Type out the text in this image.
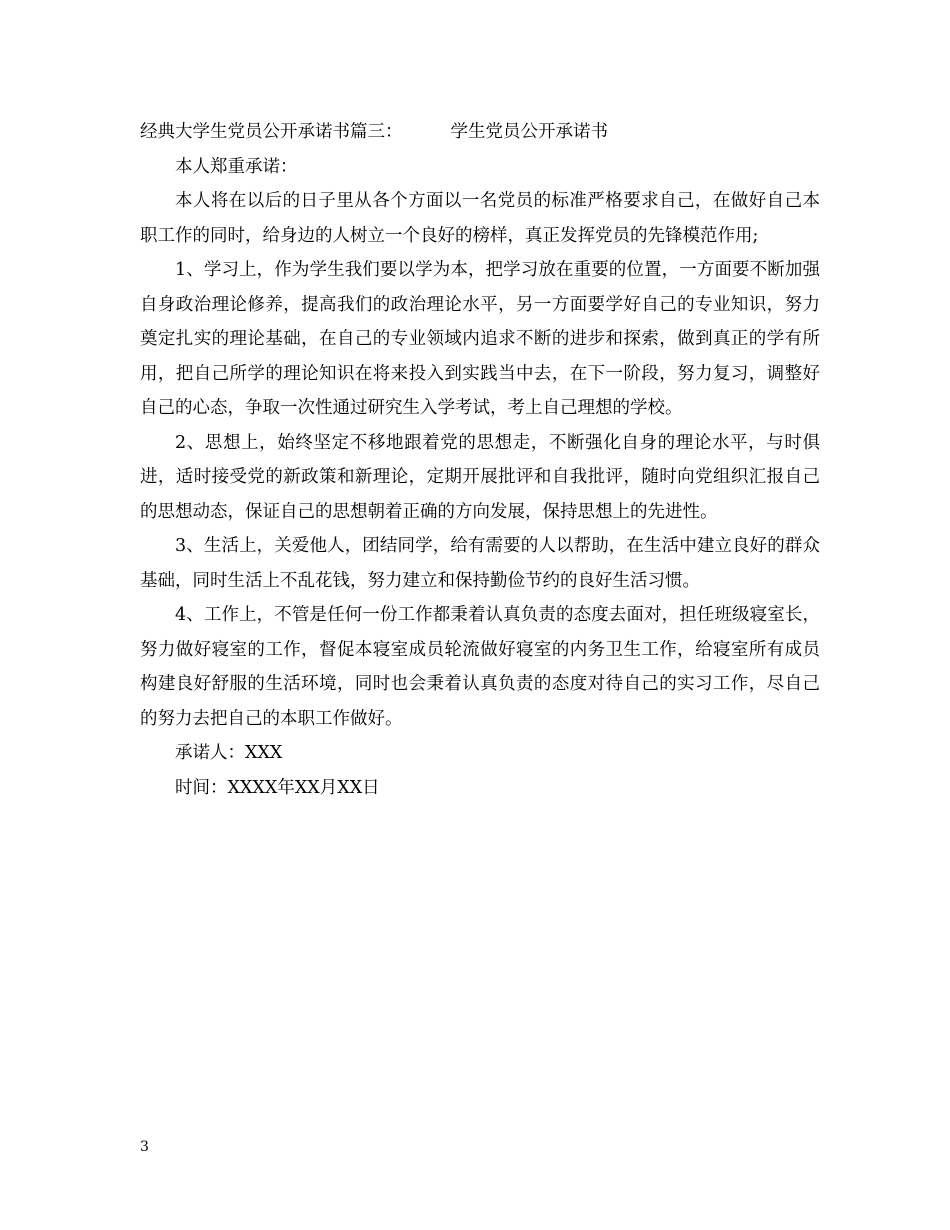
经典大学生党员公开承诺书篇三：	学生党员公开承诺书

本人郑重承诺：

本人将在以后的日子里从各个方面以一名党员的标准严格要求自己，在做好自己本职工作的同时，给身边的人树立一个良好的榜样，真正发挥党员的先锋模范作用;

1、学习上，作为学生我们要以学为本，把学习放在重要的位置，一方面要不断加强自身政治理论修养，提高我们的政治理论水平，另一方面要学好自己的专业知识，努力奠定扎实的理论基础，在自己的专业领域内追求不断的进步和探索，做到真正的学有所用，把自己所学的理论知识在将来投入到实践当中去，在下一阶段，努力复习，调整好自己的心态，争取一次性通过研究生入学考试，考上自己理想的学校。

2、思想上，始终坚定不移地跟着党的思想走，不断强化自身的理论水平，与时俱进，适时接受党的新政策和新理论，定期开展批评和自我批评，随时向党组织汇报自己的思想动态，保证自己的思想朝着正确的方向发展，保持思想上的先进性。

3、生活上，关爱他人，团结同学，给有需要的人以帮助，在生活中建立良好的群众基础，同时生活上不乱花钱，努力建立和保持勤俭节约的良好生活习惯。

4、工作上，不管是任何一份工作都秉着认真负责的态度去面对，担任班级寝室长，努力做好寝室的工作，督促本寝室成员轮流做好寝室的内务卫生工作，给寝室所有成员构建良好舒服的生活环境，同时也会秉着认真负责的态度对待自己的实习工作，尽自己的努力去把自己的本职工作做好。

承诺人：XXX

时间：XXXX年XX月XX日

3
